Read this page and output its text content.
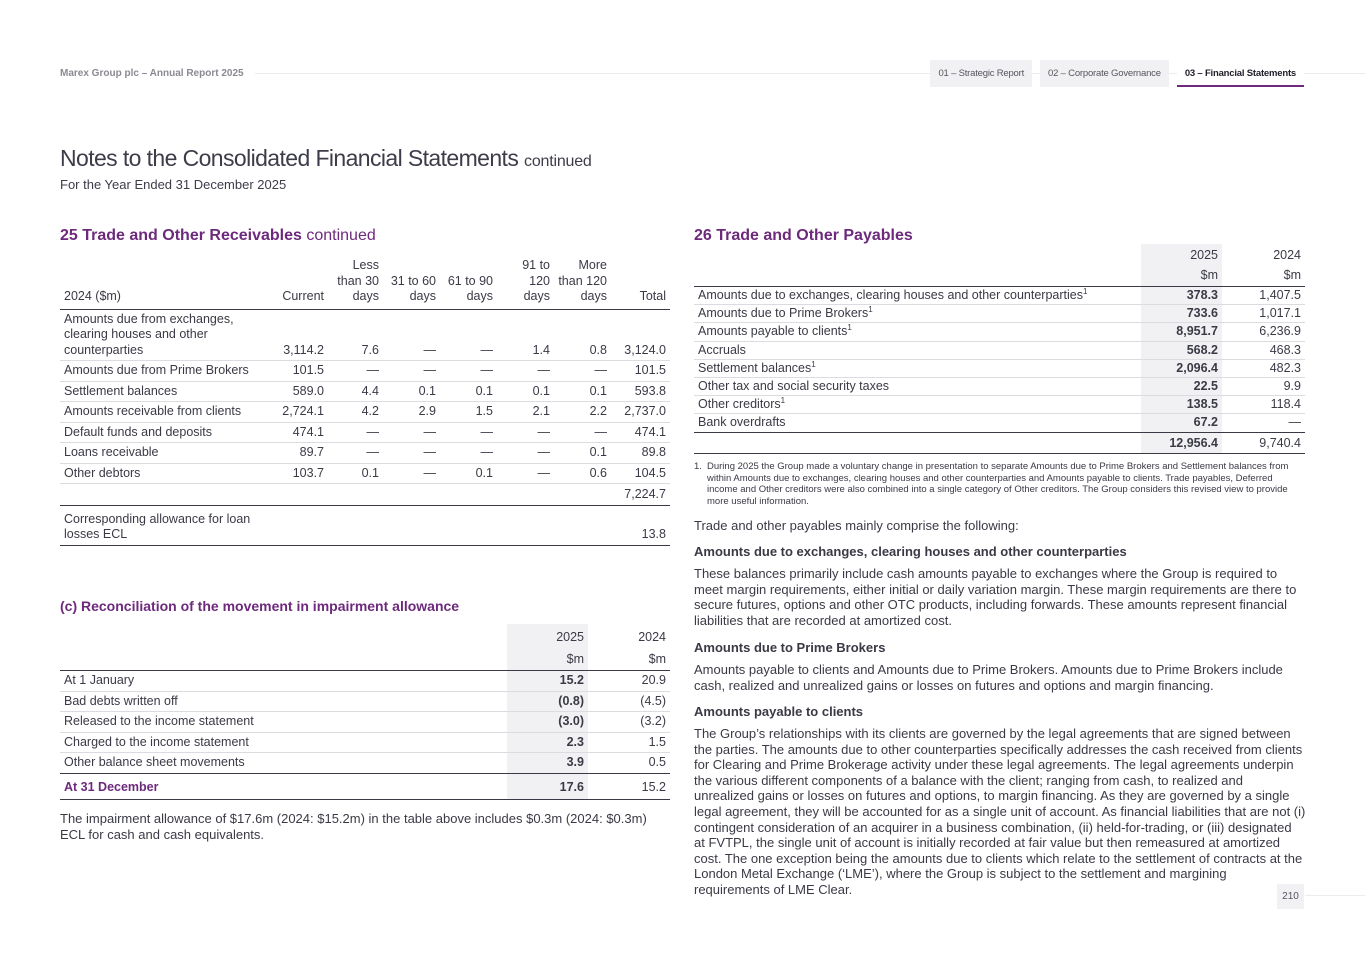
Marex Group plc – Annual Report 2025	01 – Strategic Report	02 – Corporate Governance	03 – Financial Statements
Notes to the Consolidated Financial Statements continued
For the Year Ended 31 December 2025
25 Trade and Other Receivables continued
2024 ($m)	Current	Less than 30 days	31 to 60 days	61 to 90 days	91 to 120 days	More than 120 days	Total
Amounts due from exchanges, clearing houses and other counterparties	3,114.2	7.6	—	—	1.4	0.8	3,124.0
Amounts due from Prime Brokers	101.5	—	—	—	—	—	101.5
Settlement balances	589.0	4.4	0.1	0.1	0.1	0.1	593.8
Amounts receivable from clients	2,724.1	4.2	2.9	1.5	2.1	2.2	2,737.0
Default funds and deposits	474.1	—	—	—	—	—	474.1
Loans receivable	89.7	—	—	—	—	0.1	89.8
Other debtors	103.7	0.1	—	0.1	—	0.6	104.5
							7,224.7
Corresponding allowance for loan losses ECL							13.8
(c) Reconciliation of the movement in impairment allowance
	2025	2024
	$m	$m
At 1 January	15.2	20.9
Bad debts written off	(0.8)	(4.5)
Released to the income statement	(3.0)	(3.2)
Charged to the income statement	2.3	1.5
Other balance sheet movements	3.9	0.5
At 31 December	17.6	15.2
The impairment allowance of $17.6m (2024: $15.2m) in the table above includes $0.3m (2024: $0.3m) ECL for cash and cash equivalents.
26 Trade and Other Payables
	2025	2024
	$m	$m
Amounts due to exchanges, clearing houses and other counterparties$^1$	378.3	1,407.5
Amounts due to Prime Brokers$^1$	733.6	1,017.1
Amounts payable to clients$^1$	8,951.7	6,236.9
Accruals	568.2	468.3
Settlement balances$^1$	2,096.4	482.3
Other tax and social security taxes	22.5	9.9
Other creditors$^1$	138.5	118.4
Bank overdrafts	67.2	—
	12,956.4	9,740.4
1. During 2025 the Group made a voluntary change in presentation to separate Amounts due to Prime Brokers and Settlement balances from within Amounts due to exchanges, clearing houses and other counterparties and Amounts payable to clients. Trade payables, Deferred income and Other creditors were also combined into a single category of Other creditors. The Group considers this revised view to provide more useful information.
Trade and other payables mainly comprise the following:
Amounts due to exchanges, clearing houses and other counterparties
These balances primarily include cash amounts payable to exchanges where the Group is required to meet margin requirements, either initial or daily variation margin. These margin requirements are there to secure futures, options and other OTC products, including forwards. These amounts represent financial liabilities that are recorded at amortized cost.
Amounts due to Prime Brokers
Amounts payable to clients and Amounts due to Prime Brokers. Amounts due to Prime Brokers include cash, realized and unrealized gains or losses on futures and options and margin financing.
Amounts payable to clients
The Group’s relationships with its clients are governed by the legal agreements that are signed between the parties. The amounts due to other counterparties specifically addresses the cash received from clients for Clearing and Prime Brokerage activity under these legal agreements. The legal agreements underpin the various different components of a balance with the client; ranging from cash, to realized and unrealized gains or losses on futures and options, to margin financing. As they are governed by a single legal agreement, they will be accounted for as a single unit of account. As financial liabilities that are not (i) contingent consideration of an acquirer in a business combination, (ii) held-for-trading, or (iii) designated at FVTPL, the single unit of account is initially recorded at fair value but then remeasured at amortized cost. The one exception being the amounts due to clients which relate to the settlement of contracts at the London Metal Exchange (‘LME’), where the Group is subject to the settlement and margining requirements of LME Clear.	210
